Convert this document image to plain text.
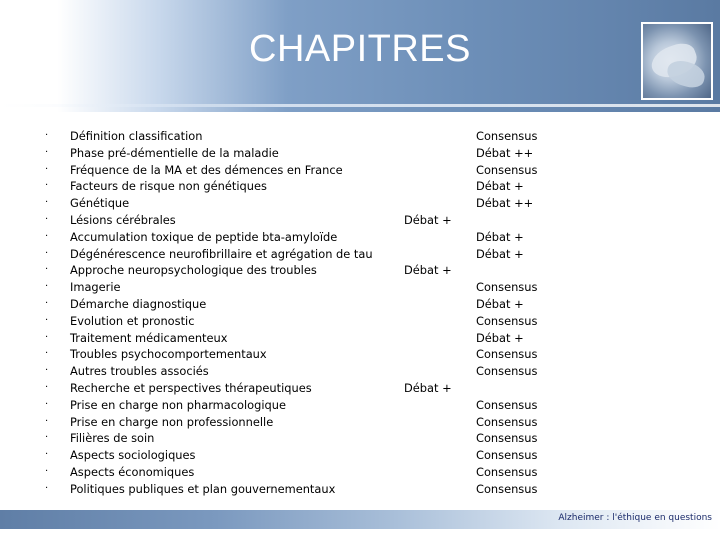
CHAPITRES
· Définition classification	Consensus
· Phase pré-démentielle de la maladie	Débat ++
· Fréquence de la MA et des démences en France	Consensus
· Facteurs de risque non génétiques	Débat +
· Génétique	Débat ++
· Lésions cérébrales	Débat +
· Accumulation toxique de peptide bta-amyloïde	Débat +
· Dégénérescence neurofibrillaire et agrégation de tau	Débat +
· Approche neuropsychologique des troubles	Débat +
· Imagerie	Consensus
· Démarche diagnostique	Débat +
· Evolution et pronostic	Consensus
· Traitement médicamenteux	Débat +
· Troubles psychocomportementaux	Consensus
· Autres troubles associés	Consensus
· Recherche et perspectives thérapeutiques	Débat +
· Prise en charge non pharmacologique	Consensus
· Prise en charge non professionnelle	Consensus
· Filières de soin	Consensus
· Aspects sociologiques	Consensus
· Aspects économiques	Consensus
· Politiques publiques et plan gouvernementaux	Consensus
Alzheimer : l'éthique en questions
